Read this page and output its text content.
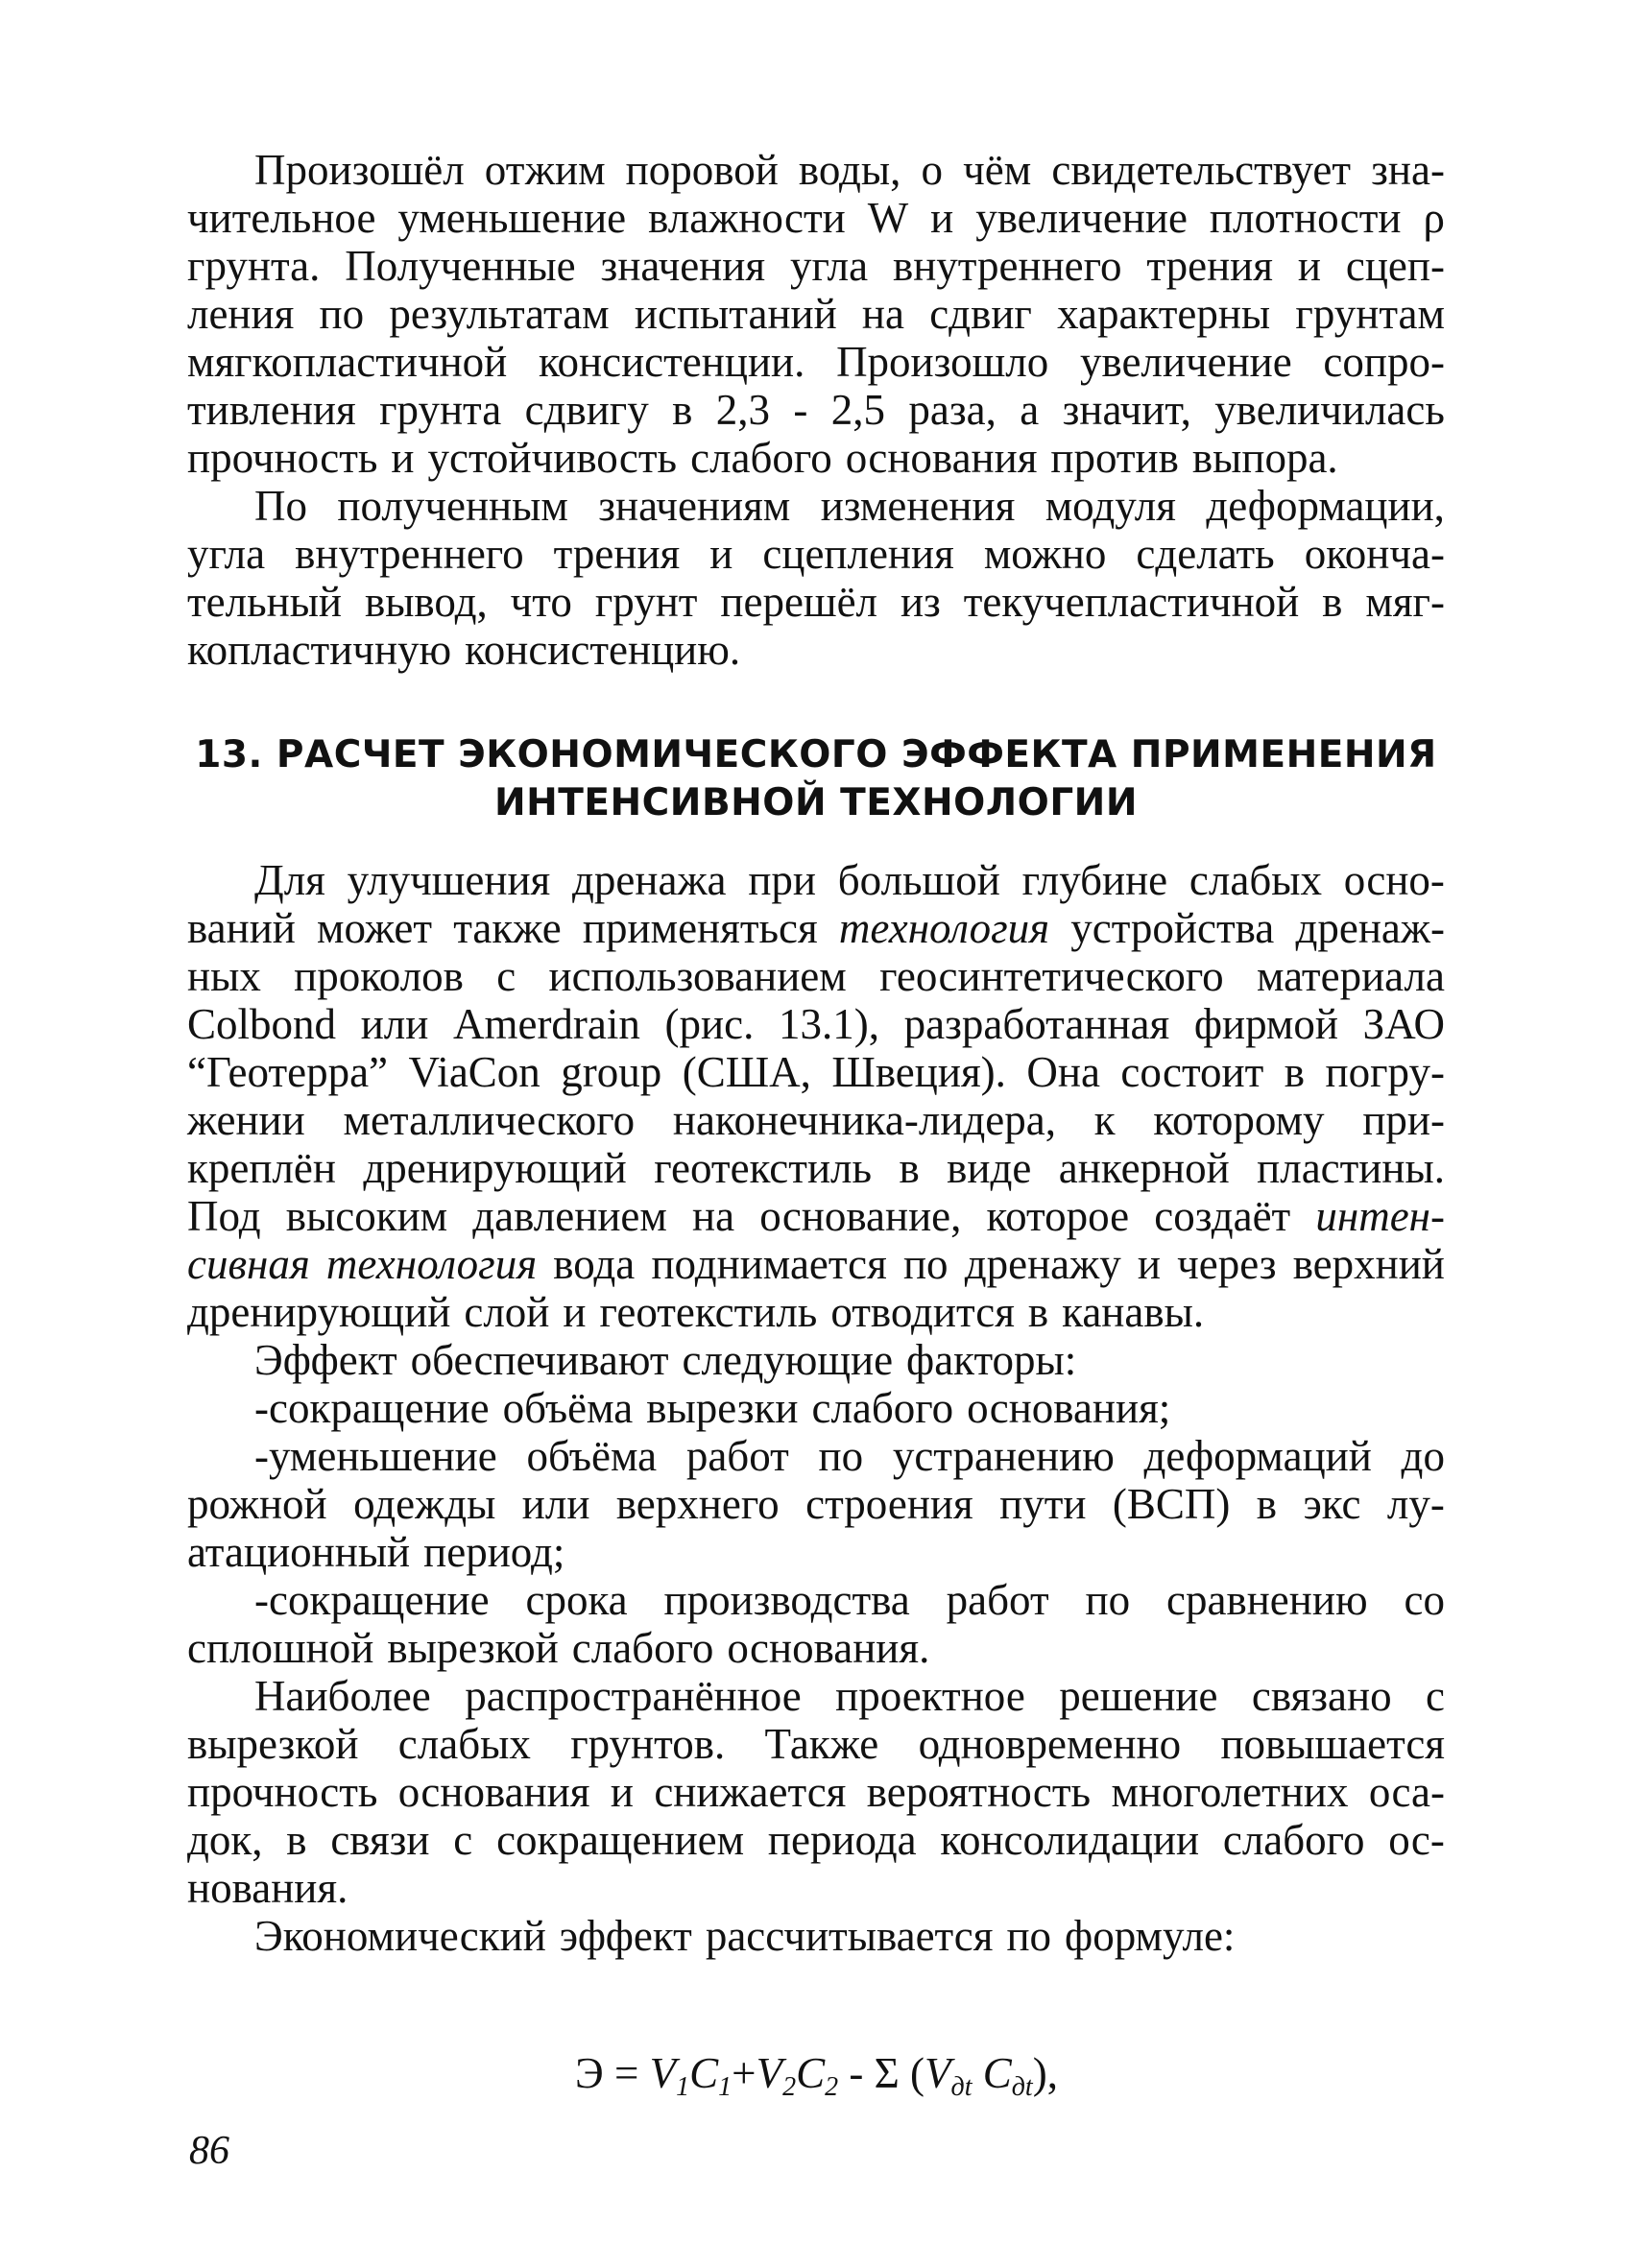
Произошёл отжим поровой воды, о чём свидетельствует зна-
чительное уменьшение влажности W и увеличение плотности ρ
грунта. Полученные значения угла внутреннего трения и сцеп-
ления по результатам испытаний на сдвиг характерны грунтам
мягкопластичной консистенции. Произошло увеличение сопро-
тивления грунта сдвигу в 2,3 - 2,5 раза, а значит, увеличилась
прочность и устойчивость слабого основания против выпора.
По полученным значениям изменения модуля деформации,
угла внутреннего трения и сцепления можно сделать оконча-
тельный вывод, что грунт перешёл из текучепластичной в мяг-
копластичную консистенцию.
13. РАСЧЕТ ЭКОНОМИЧЕСКОГО ЭФФЕКТА ПРИМЕНЕНИЯ
ИНТЕНСИВНОЙ ТЕХНОЛОГИИ
Для улучшения дренажа при большой глубине слабых осно-
ваний может также применяться технология устройства дренаж-
ных проколов с использованием геосинтетического материала
Colbond или Amerdrain (рис. 13.1), разработанная фирмой ЗАО
“Геотерра” ViaCon group (США, Швеция). Она состоит в погру-
жении металлического наконечника-лидера, к которому при-
креплён дренирующий геотекстиль в виде анкерной пластины.
Под высоким давлением на основание, которое создаёт интен-
сивная технология вода поднимается по дренажу и через верхний
дренирующий слой и геотекстиль отводится в канавы.
Эффект обеспечивают следующие факторы:
-сокращение объёма вырезки слабого основания;
-уменьшение объёма работ по устранению деформаций до
рожной одежды или верхнего строения пути (ВСП) в экс лу-
атационный период;
-сокращение срока производства работ по сравнению со
сплошной вырезкой слабого основания.
Наиболее распространённое проектное решение связано с
вырезкой слабых грунтов. Также одновременно повышается
прочность основания и снижается вероятность многолетних оса-
док, в связи с сокращением периода консолидации слабого ос-
нования.
Экономический эффект рассчитывается по формуле:
$Э = V_1C_1+V_2C_2 - \Sigma$ ($V_{дt}$ $C_{дt}$),
86
